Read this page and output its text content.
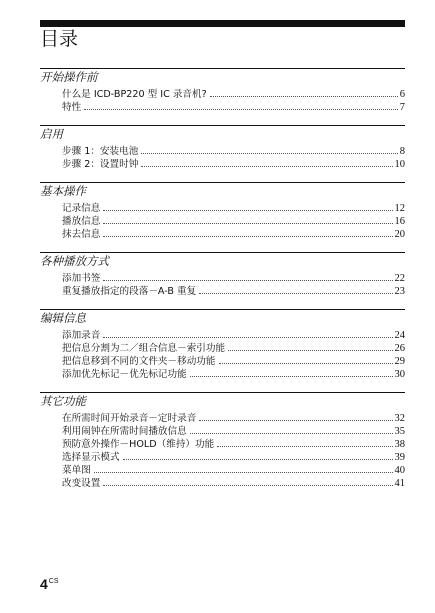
目录
开始操作前
什么是 ICD-BP220 型 IC 录音机?	6
特性	7
启用
步骤 1：安装电池	8
步骤 2：设置时钟	10
基本操作
记录信息	12
播放信息	16
抹去信息	20
各种播放方式
添加书签	22
重复播放指定的段落－A-B 重复	23
编辑信息
添加录音	24
把信息分割为二／组合信息－索引功能	26
把信息移到不同的文件夹－移动功能	29
添加优先标记－优先标记功能	30
其它功能
在所需时间开始录音－定时录音	32
利用闹钟在所需时间播放信息	35
预防意外操作－HOLD（维持）功能	38
选择显示模式	39
菜单图	40
改变设置	41
$4^{CS}$
